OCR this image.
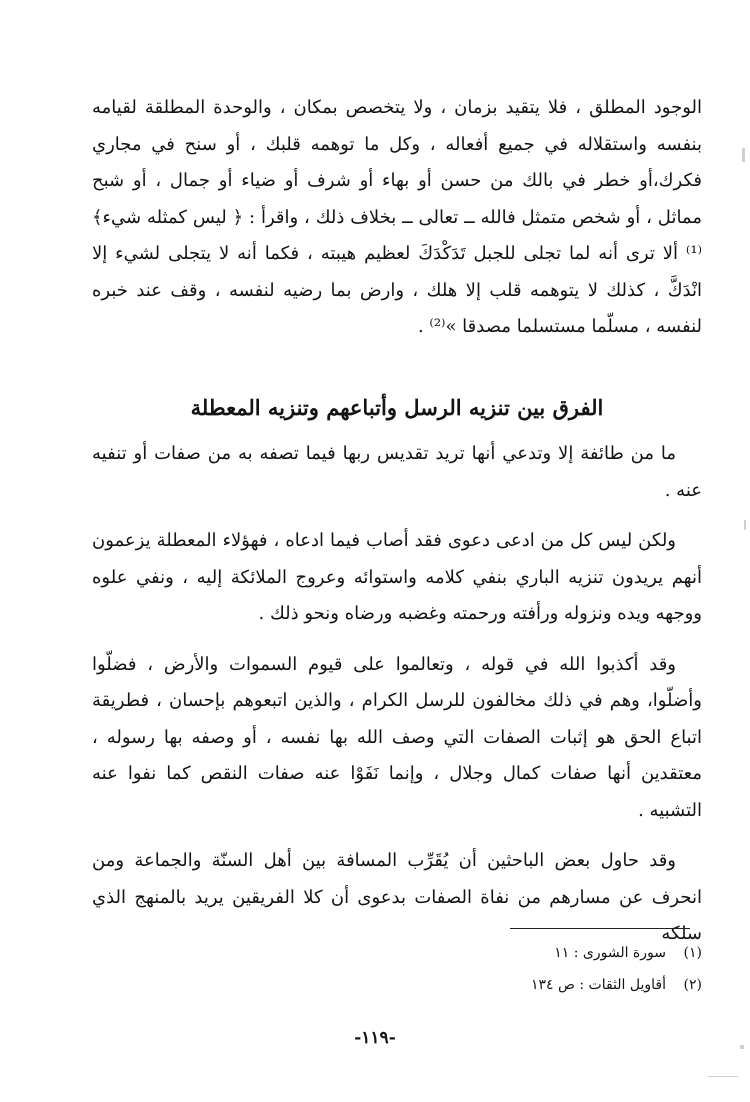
الوجود المطلق ، فلا يتقيد بزمان ، ولا يتخصص بمكان ، والوحدة المطلقة لقيامه بنفسه واستقلاله في جميع أفعاله ، وكل ما توهمه قلبك ، أو سنح في مجاري فكرك،أو خطر في بالك من حسن أو بهاء أو شرف أو ضياء أو جمال ، أو شبح مماثل ، أو شخص متمثل فالله ــ تعالى ــ بخلاف ذلك ، واقرأ : ﴿ ليس كمثله شيء﴾⁽¹⁾ ألا ترى أنه لما تجلى للجبل تَدَكْدَكَ لعظيم هيبته ، فكما أنه لا يتجلى لشيء إلا انْدَكَّ ، كذلك لا يتوهمه قلب إلا هلك ، وارض بما رضيه لنفسه ، وقف عند خبره لنفسه ، مسلّما مستسلما مصدقا »⁽²⁾ .

الفرق بين تنزيه الرسل وأتباعهم وتنزيه المعطلة

ما من طائفة إلا وتدعي أنها تريد تقديس ربها فيما تصفه به من صفات أو تنفيه عنه .

ولكن ليس كل من ادعى دعوى فقد أصاب فيما ادعاه ، فهؤلاء المعطلة يزعمون أنهم يريدون تنزيه الباري بنفي كلامه واستوائه وعروج الملائكة إليه ، ونفي علوه ووجهه ويده ونزوله ورأفته ورحمته وغضبه ورضاه ونحو ذلك .

وقد أكذبوا الله في قوله ، وتعالموا على قيوم السموات والأرض ، فضلّوا وأضلّوا، وهم في ذلك مخالفون للرسل الكرام ، والذين اتبعوهم بإحسان ، فطريقة اتباع الحق هو إثبات الصفات التي وصف الله بها نفسه ، أو وصفه بها رسوله ، معتقدين أنها صفات كمال وجلال ، وإنما نَفَوْا عنه صفات النقص كما نفوا عنه التشبيه .

وقد حاول بعض الباحثين أن يُقَرِّب المسافة بين أهل السنّة والجماعة ومن انحرف عن مسارهم من نفاة الصفات بدعوى أن كلا الفريقين يريد بالمنهج الذي سلكه

(١)
سورة الشورى : ١١
(٢)
أقاويل الثقات : ص ١٣٤
-١١٩-
